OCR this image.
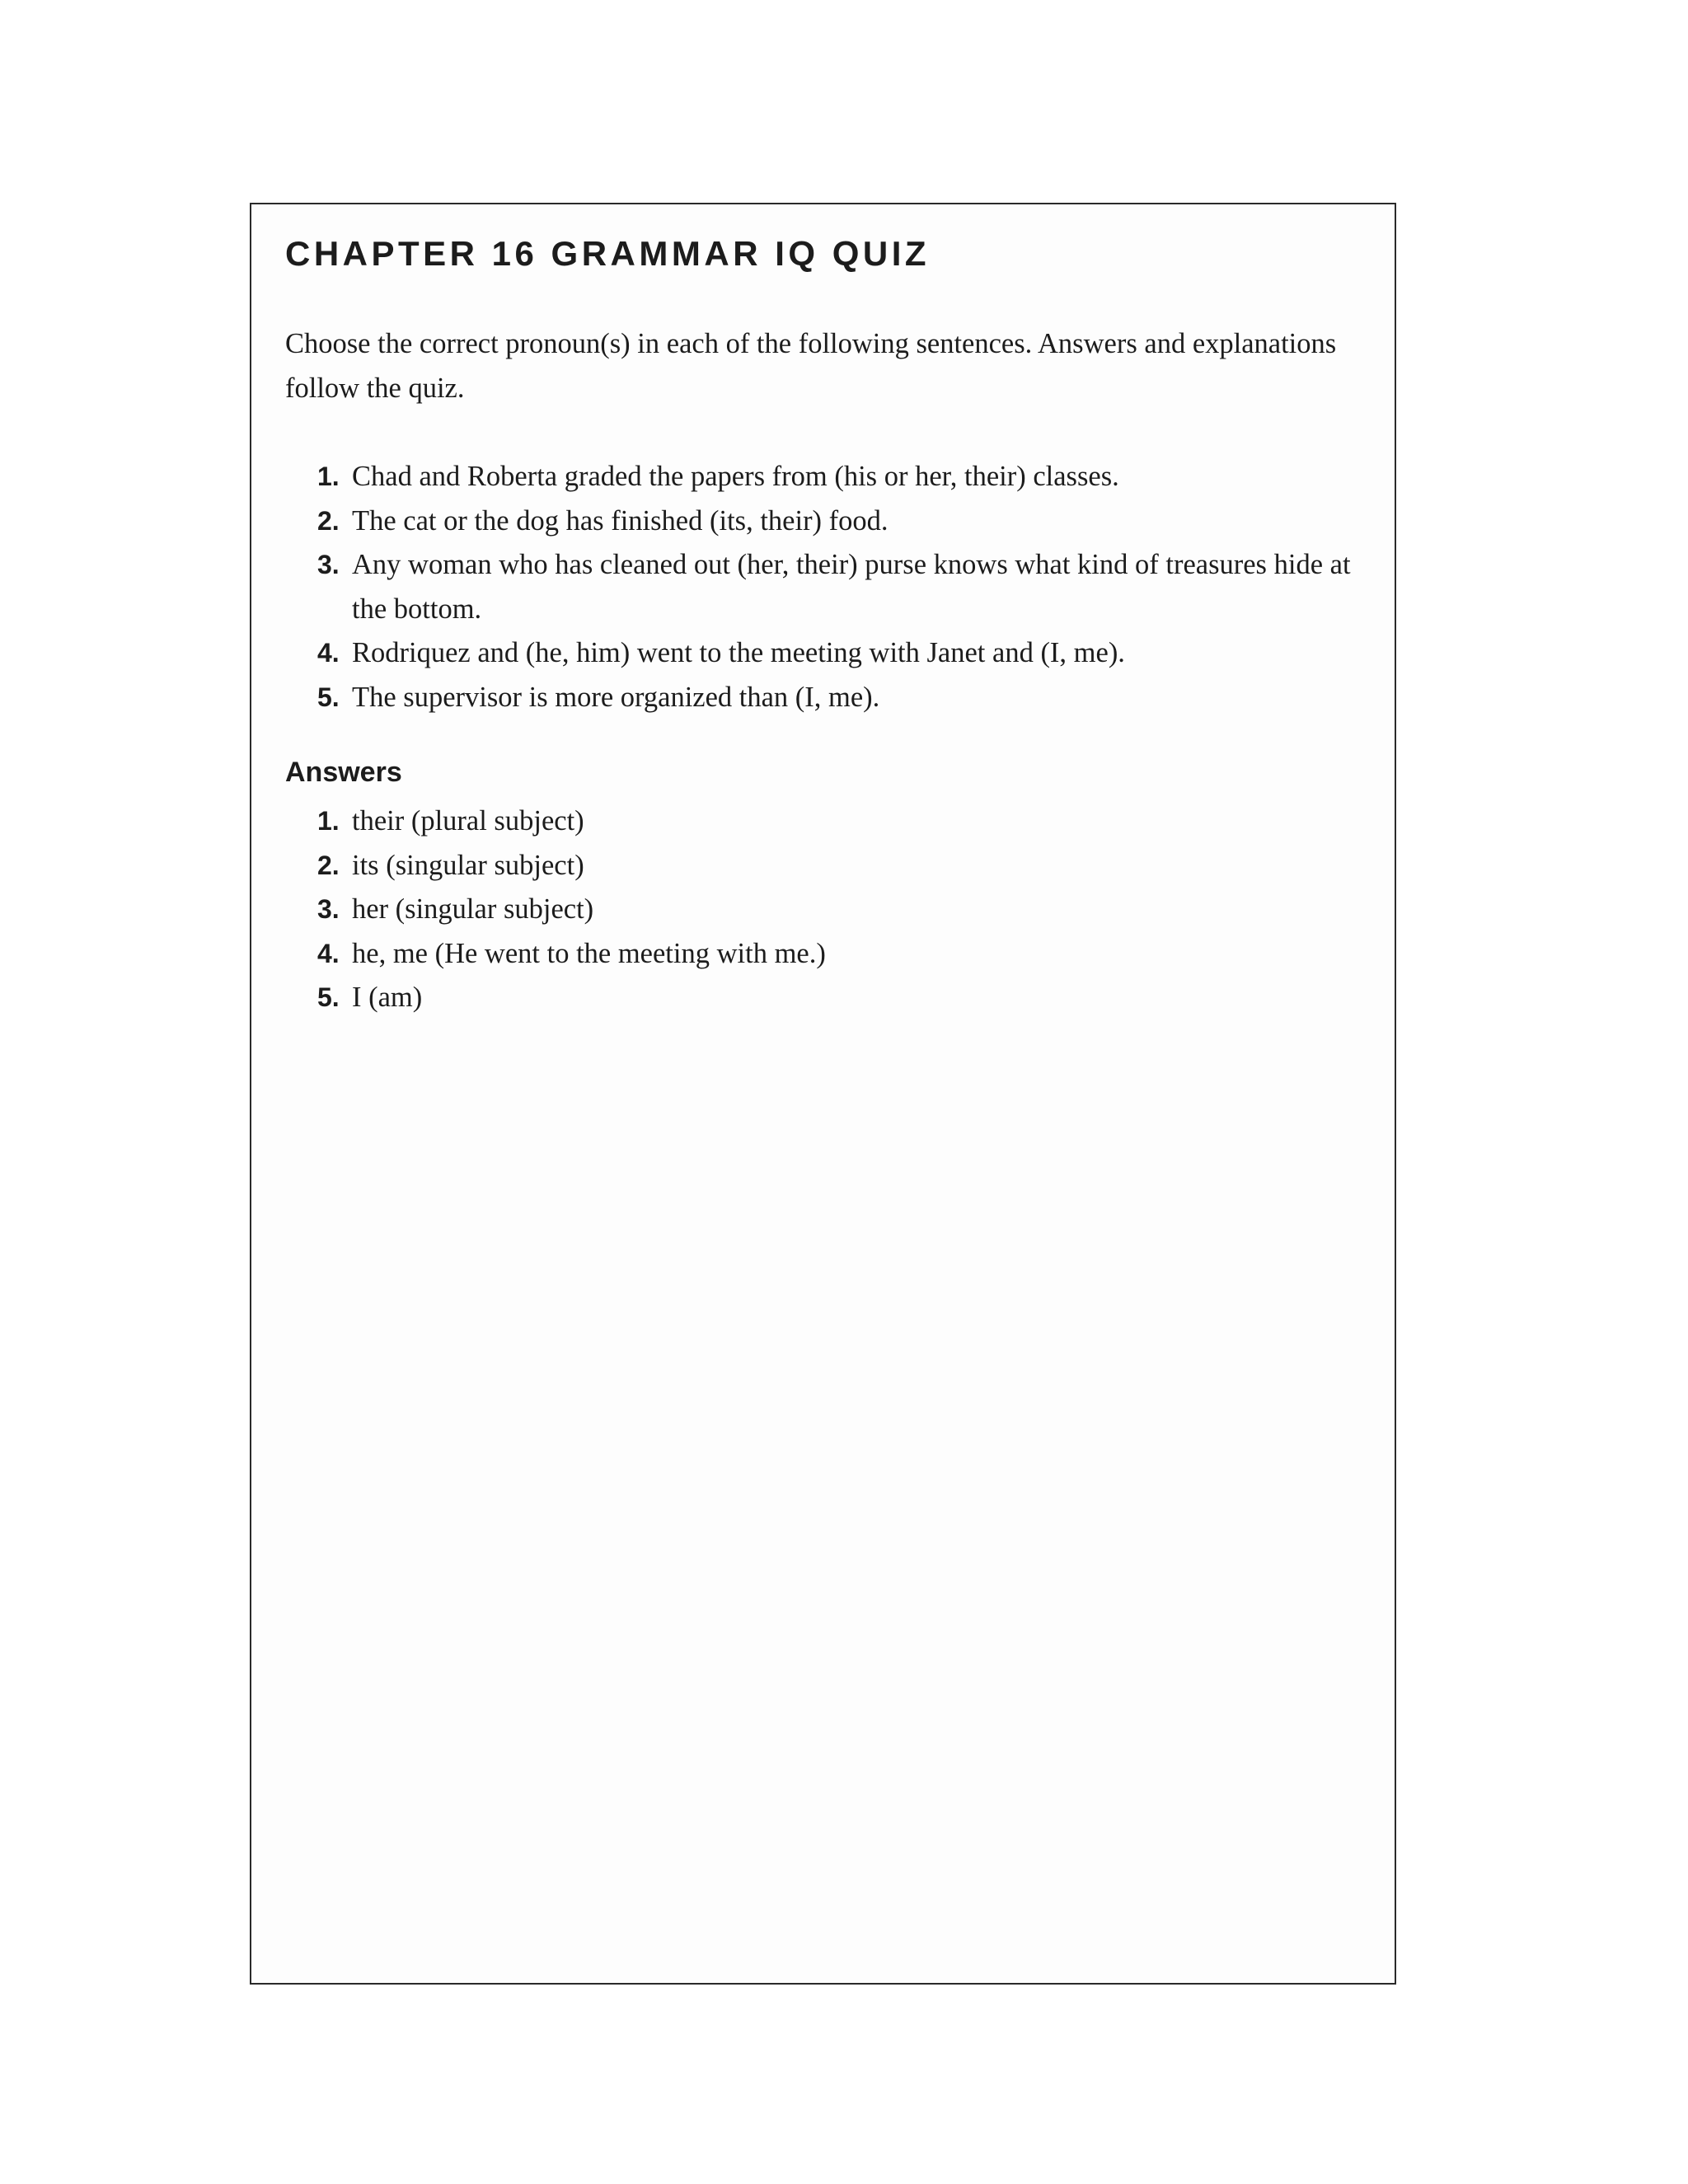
CHAPTER 16 GRAMMAR IQ QUIZ

Choose the correct pronoun(s) in each of the following sentences. Answers and explanations follow the quiz.

1. Chad and Roberta graded the papers from (his or her, their) classes.
2. The cat or the dog has finished (its, their) food.
3. Any woman who has cleaned out (her, their) purse knows what kind of treasures hide at the bottom.
4. Rodriquez and (he, him) went to the meeting with Janet and (I, me).
5. The supervisor is more organized than (I, me).
Answers
1. their (plural subject)
2. its (singular subject)
3. her (singular subject)
4. he, me (He went to the meeting with me.)
5. I (am)
